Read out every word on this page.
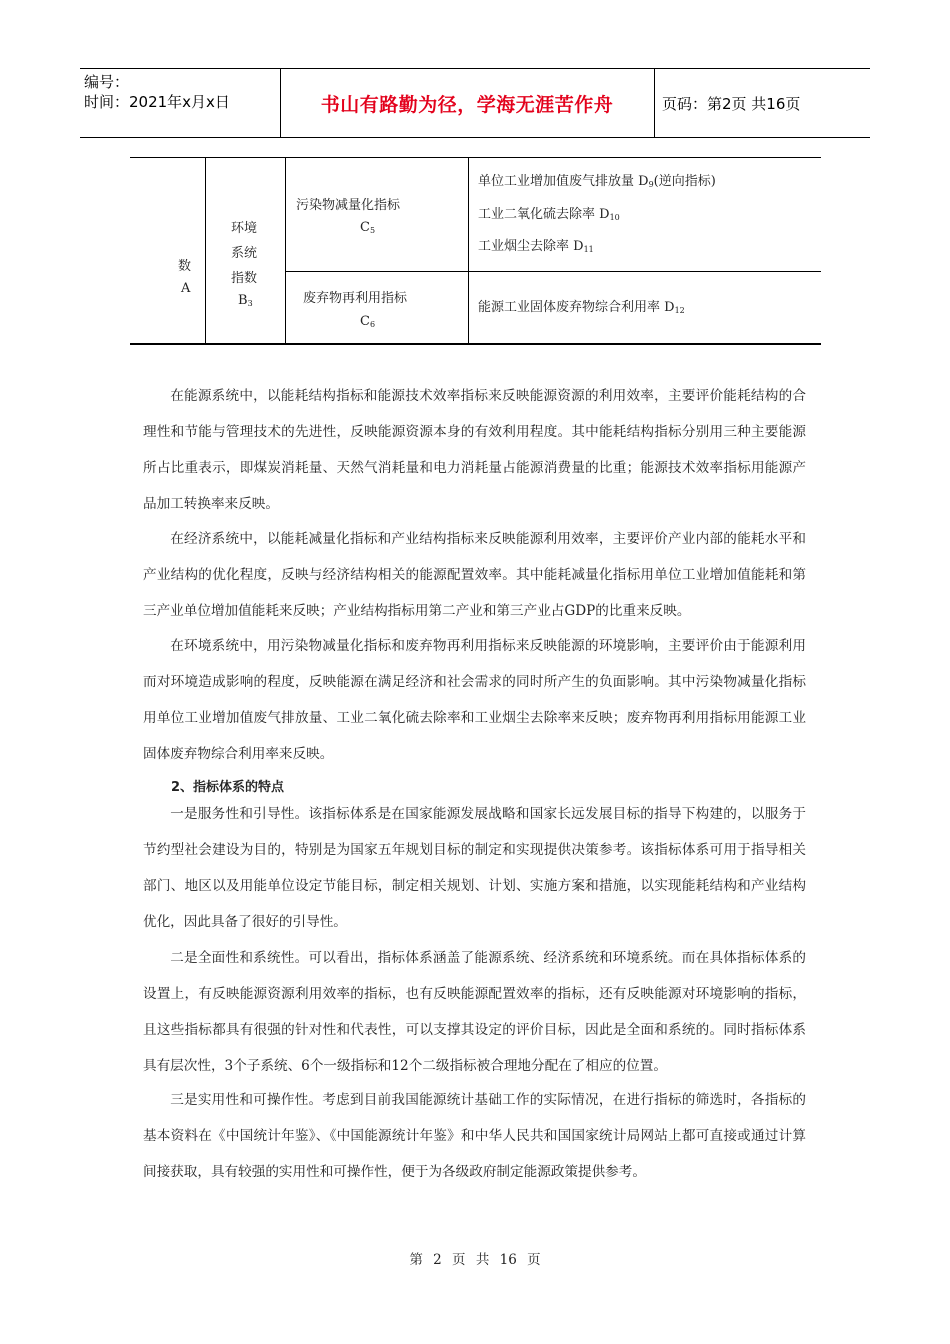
编号：
时间：2021年x月x日	书山有路勤为径，学海无涯苦作舟	页码：第2页 共16页
数
A
环境
系统
指数
$B_3$
污染物减量化指标
$C_5$
废弃物再利用指标
$C_6$
单位工业增加值废气排放量 $D_9$(逆向指标)
工业二氧化硫去除率 $D_{10}$
工业烟尘去除率 $D_{11}$
能源工业固体废弃物综合利用率 $D_{12}$

在能源系统中，以能耗结构指标和能源技术效率指标来反映能源资源的利用效率，主要评价能耗结构的合理性和节能与管理技术的先进性，反映能源资源本身的有效利用程度。其中能耗结构指标分别用三种主要能源所占比重表示，即煤炭消耗量、天然气消耗量和电力消耗量占能源消费量的比重；能源技术效率指标用能源产品加工转换率来反映。

在经济系统中，以能耗减量化指标和产业结构指标来反映能源利用效率，主要评价产业内部的能耗水平和产业结构的优化程度，反映与经济结构相关的能源配置效率。其中能耗减量化指标用单位工业增加值能耗和第三产业单位增加值能耗来反映；产业结构指标用第二产业和第三产业占GDP的比重来反映。

在环境系统中，用污染物减量化指标和废弃物再利用指标来反映能源的环境影响，主要评价由于能源利用而对环境造成影响的程度，反映能源在满足经济和社会需求的同时所产生的负面影响。其中污染物减量化指标用单位工业增加值废气排放量、工业二氧化硫去除率和工业烟尘去除率来反映；废弃物再利用指标用能源工业固体废弃物综合利用率来反映。

2、指标体系的特点

一是服务性和引导性。该指标体系是在国家能源发展战略和国家长远发展目标的指导下构建的，以服务于节约型社会建设为目的，特别是为国家五年规划目标的制定和实现提供决策参考。该指标体系可用于指导相关部门、地区以及用能单位设定节能目标，制定相关规划、计划、实施方案和措施，以实现能耗结构和产业结构优化，因此具备了很好的引导性。

二是全面性和系统性。可以看出，指标体系涵盖了能源系统、经济系统和环境系统。而在具体指标体系的设置上，有反映能源资源利用效率的指标，也有反映能源配置效率的指标，还有反映能源对环境影响的指标，且这些指标都具有很强的针对性和代表性，可以支撑其设定的评价目标，因此是全面和系统的。同时指标体系具有层次性，3个子系统、6个一级指标和12个二级指标被合理地分配在了相应的位置。

三是实用性和可操作性。考虑到目前我国能源统计基础工作的实际情况，在进行指标的筛选时，各指标的基本资料在《中国统计年鉴》、《中国能源统计年鉴》和中华人民共和国国家统计局网站上都可直接或通过计算间接获取，具有较强的实用性和可操作性，便于为各级政府制定能源政策提供参考。

第 2 页 共 16 页
